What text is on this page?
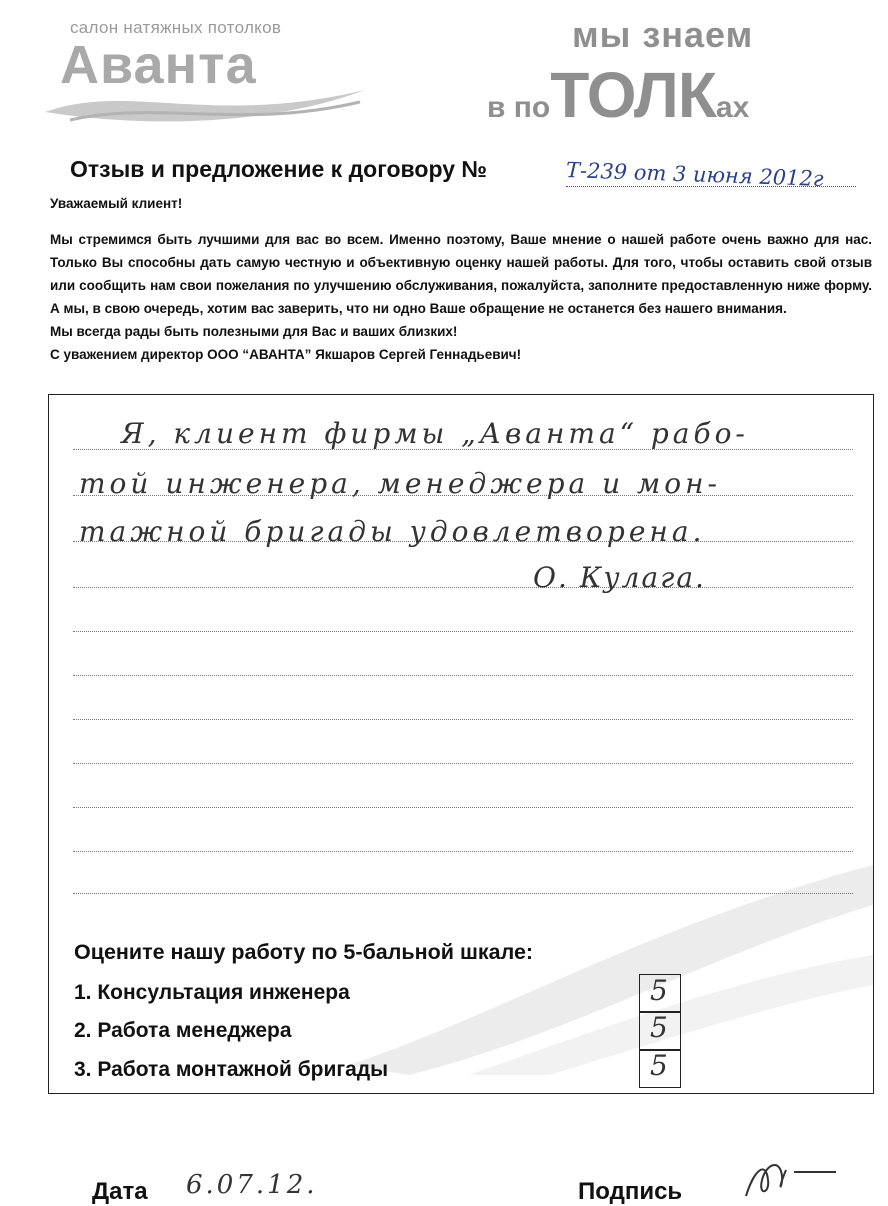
салон натяжных потолков
Аванта
мы знаем
в поТОЛКах
Отзыв и предложение к договору №	Т-239 от 3 июня 2012г
Уважаемый клиент!

Мы стремимся быть лучшими для вас во всем. Именно поэтому, Ваше мнение о нашей работе очень важно для нас. Только Вы способны дать самую честную и объективную оценку нашей работы. Для того, чтобы оставить свой отзыв или сообщить нам свои пожелания по улучшению обслуживания, пожалуйста, заполните предоставленную ниже форму. А мы, в свою очередь, хотим вас заверить, что ни одно Ваше обращение не останется без нашего внимания.

Мы всегда рады быть полезными для Вас и ваших близких!

С уважением директор ООО “АВАНТА” Якшаров Сергей Геннадьевич!

Я, клиент фирмы „Аванта“ рабо-
той инженера, менеджера и мон-
тажной бригады удовлетворена.
О. Кулага.
Оцените нашу работу по 5-бальной шкале:
1. Консультация инженера	5
2. Работа менеджера	5
3. Работа монтажной бригады	5
Дата 6.07.12.	Подпись
